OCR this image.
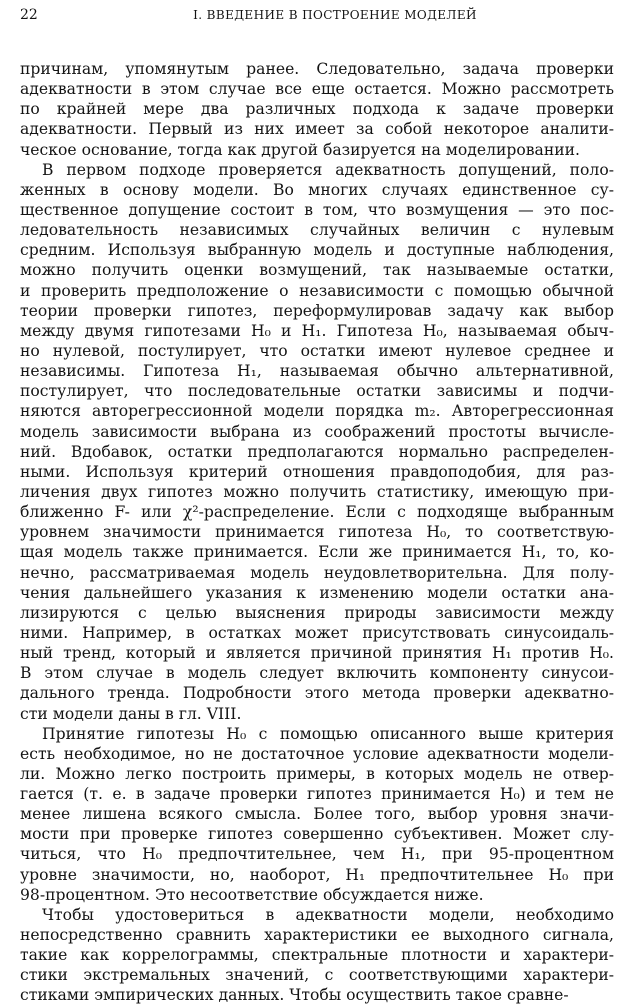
22	I. ВВЕДЕНИЕ В ПОСТРОЕНИЕ МОДЕЛЕЙ
причинам, упомянутым ранее. Следовательно, задача проверки
адекватности в этом случае все еще остается. Можно рассмотреть
по крайней мере два различных подхода к задаче проверки
адекватности. Первый из них имеет за собой некоторое аналити-
ческое основание, тогда как другой базируется на моделировании.
В первом подходе проверяется адекватность допущений, поло-
женных в основу модели. Во многих случаях единственное су-
щественное допущение состоит в том, что возмущения — это пос-
ледовательность независимых случайных величин с нулевым
средним. Используя выбранную модель и доступные наблюдения,
можно получить оценки возмущений, так называемые остатки,
и проверить предположение о независимости с помощью обычной
теории проверки гипотез, переформулировав задачу как выбор
между двумя гипотезами H₀ и H₁. Гипотеза H₀, называемая обыч-
но нулевой, постулирует, что остатки имеют нулевое среднее и
независимы. Гипотеза H₁, называемая обычно альтернативной,
постулирует, что последовательные остатки зависимы и подчи-
няются авторегрессионной модели порядка m₂. Авторегрессионная
модель зависимости выбрана из соображений простоты вычисле-
ний. Вдобавок, остатки предполагаются нормально распределен-
ными. Используя критерий отношения правдоподобия, для раз-
личения двух гипотез можно получить статистику, имеющую при-
ближенно F- или χ²-распределение. Если с подходяще выбранным
уровнем значимости принимается гипотеза H₀, то соответствую-
щая модель также принимается. Если же принимается H₁, то, ко-
нечно, рассматриваемая модель неудовлетворительна. Для полу-
чения дальнейшего указания к изменению модели остатки ана-
лизируются с целью выяснения природы зависимости между
ними. Например, в остатках может присутствовать синусоидаль-
ный тренд, который и является причиной принятия H₁ против H₀.
В этом случае в модель следует включить компоненту синусои-
дального тренда. Подробности этого метода проверки адекватно-
сти модели даны в гл. VIII.
Принятие гипотезы H₀ с помощью описанного выше критерия
есть необходимое, но не достаточное условие адекватности модели-
ли. Можно легко построить примеры, в которых модель не отвер-
гается (т. е. в задаче проверки гипотез принимается H₀) и тем не
менее лишена всякого смысла. Более того, выбор уровня значи-
мости при проверке гипотез совершенно субъективен. Может слу-
читься, что H₀ предпочтительнее, чем H₁, при 95-процентном
уровне значимости, но, наоборот, H₁ предпочтительнее H₀ при
98-процентном. Это несоответствие обсуждается ниже.
Чтобы удостовериться в адекватности модели, необходимо
непосредственно сравнить характеристики ее выходного сигнала,
такие как коррелограммы, спектральные плотности и характери-
стики экстремальных значений, с соответствующими характери-
стиками эмпирических данных. Чтобы осуществить такое сравне-
